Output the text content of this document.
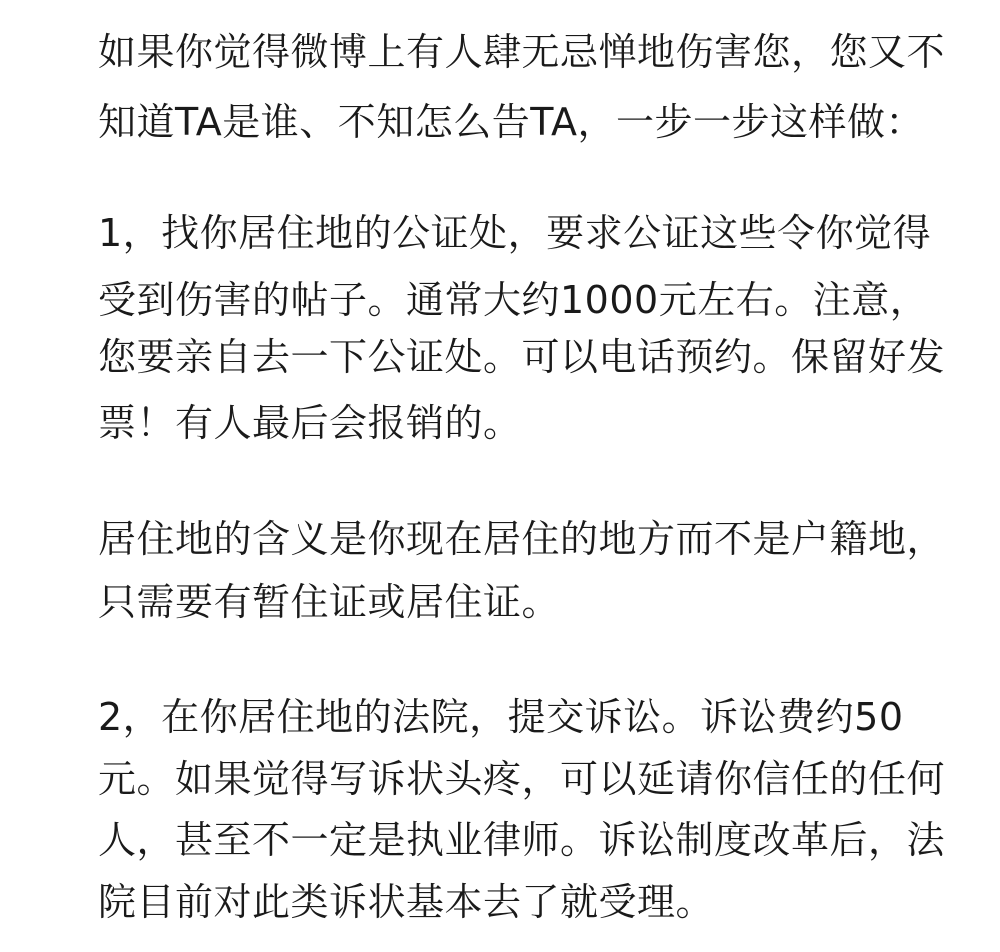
如果你觉得微博上有人肆无忌惮地伤害您，您又不
知道TA是谁、不知怎么告TA，一步一步这样做：
1，找你居住地的公证处，要求公证这些令你觉得
受到伤害的帖子。通常大约1000元左右。注意，
您要亲自去一下公证处。可以电话预约。保留好发
票！有人最后会报销的。
居住地的含义是你现在居住的地方而不是户籍地，
只需要有暂住证或居住证。
2，在你居住地的法院，提交诉讼。诉讼费约50
元。如果觉得写诉状头疼，可以延请你信任的任何
人，甚至不一定是执业律师。诉讼制度改革后，法
院目前对此类诉状基本去了就受理。
